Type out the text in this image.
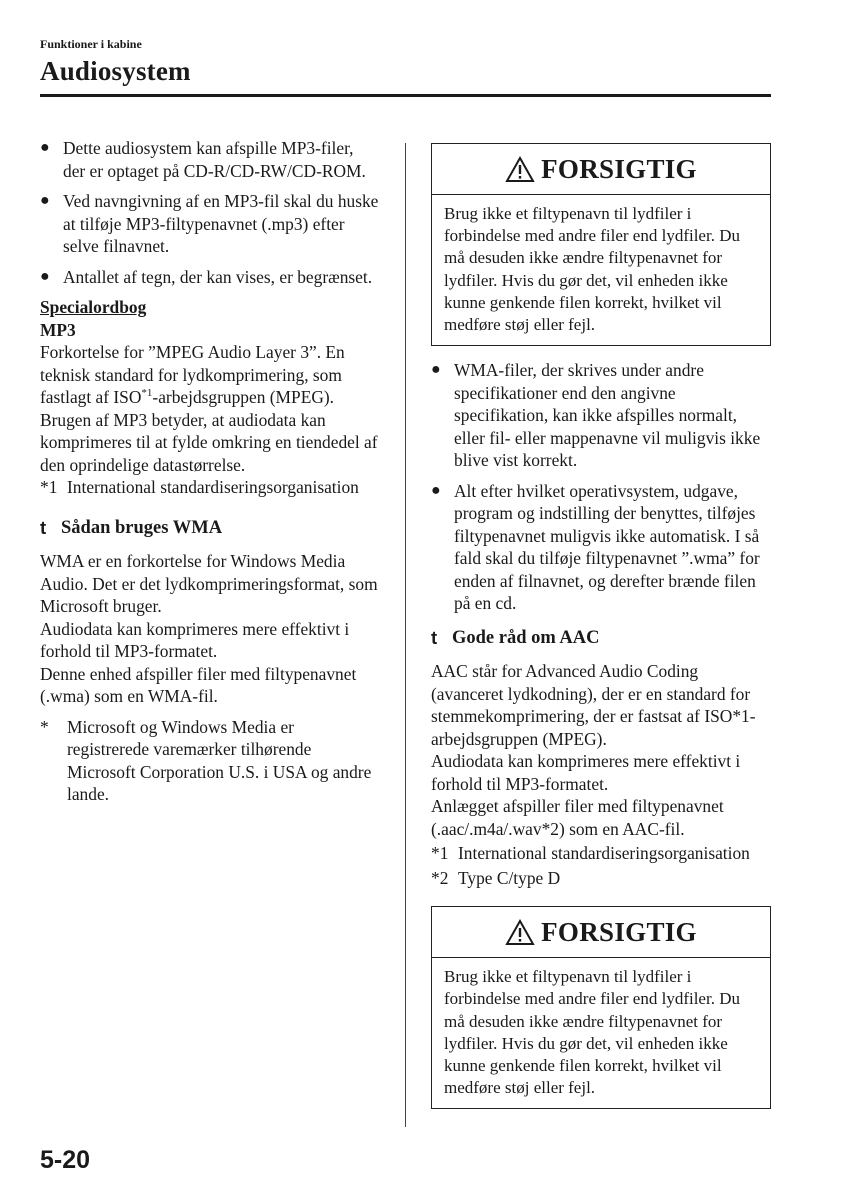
Funktioner i kabine
Audiosystem
● Dette audiosystem kan afspille MP3-filer, der er optaget på CD-R/CD-RW/CD-ROM.
● Ved navngivning af en MP3-fil skal du huske at tilføje MP3-filtypenavnet (.mp3) efter selve filnavnet.
● Antallet af tegn, der kan vises, er begrænset.

Specialordbog

MP3

Forkortelse for ”MPEG Audio Layer 3”. En teknisk standard for lydkomprimering, som fastlagt af ISO$^{*1}$-arbejdsgruppen (MPEG). Brugen af MP3 betyder, at audiodata kan komprimeres til at fylde omkring en tiendedel af den oprindelige datastørrelse.

*1 International standardiseringsorganisation
t Sådan bruges WMA

WMA er en forkortelse for Windows Media Audio. Det er det lydkomprimeringsformat, som Microsoft bruger.

Audiodata kan komprimeres mere effektivt i forhold til MP3-formatet.

Denne enhed afspiller filer med filtypenavnet (.wma) som en WMA-fil.

* Microsoft og Windows Media er registrerede varemærker tilhørende Microsoft Corporation U.S. i USA og andre lande.
FORSIGTIG
Brug ikke et filtypenavn til lydfiler i forbindelse med andre filer end lydfiler. Du må desuden ikke ændre filtypenavnet for lydfiler. Hvis du gør det, vil enheden ikke kunne genkende filen korrekt, hvilket vil medføre støj eller fejl.
● WMA-filer, der skrives under andre specifikationer end den angivne specifikation, kan ikke afspilles normalt, eller fil- eller mappenavne vil muligvis ikke blive vist korrekt.
● Alt efter hvilket operativsystem, udgave, program og indstilling der benyttes, tilføjes filtypenavnet muligvis ikke automatisk. I så fald skal du tilføje filtypenavnet ”.wma” for enden af filnavnet, og derefter brænde filen på en cd.
t Gode råd om AAC

AAC står for Advanced Audio Coding (avanceret lydkodning), der er en standard for stemmekomprimering, der er fastsat af ISO*1-arbejdsgruppen (MPEG).

Audiodata kan komprimeres mere effektivt i forhold til MP3-formatet.

Anlægget afspiller filer med filtypenavnet (.aac/.m4a/.wav*2) som en AAC-fil.

*1 International standardiseringsorganisation
*2 Type C/type D
FORSIGTIG
Brug ikke et filtypenavn til lydfiler i forbindelse med andre filer end lydfiler. Du må desuden ikke ændre filtypenavnet for lydfiler. Hvis du gør det, vil enheden ikke kunne genkende filen korrekt, hvilket vil medføre støj eller fejl.
5-20
